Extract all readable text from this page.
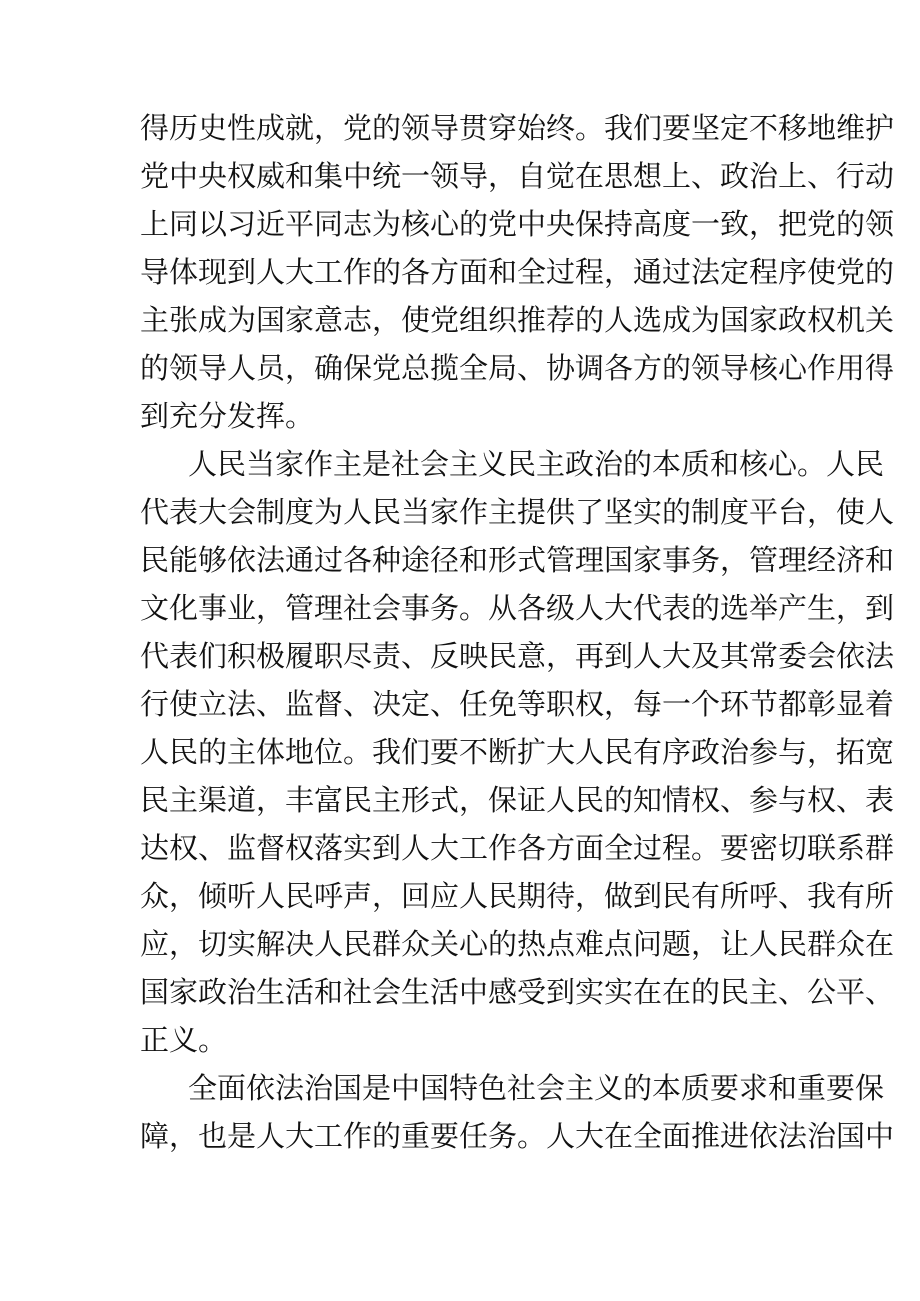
得历史性成就，党的领导贯穿始终。我们要坚定不移地维护
党中央权威和集中统一领导，自觉在思想上、政治上、行动
上同以习近平同志为核心的党中央保持高度一致，把党的领
导体现到人大工作的各方面和全过程，通过法定程序使党的
主张成为国家意志，使党组织推荐的人选成为国家政权机关
的领导人员，确保党总揽全局、协调各方的领导核心作用得
到充分发挥。
人民当家作主是社会主义民主政治的本质和核心。人民
代表大会制度为人民当家作主提供了坚实的制度平台，使人
民能够依法通过各种途径和形式管理国家事务，管理经济和
文化事业，管理社会事务。从各级人大代表的选举产生，到
代表们积极履职尽责、反映民意，再到人大及其常委会依法
行使立法、监督、决定、任免等职权，每一个环节都彰显着
人民的主体地位。我们要不断扩大人民有序政治参与，拓宽
民主渠道，丰富民主形式，保证人民的知情权、参与权、表
达权、监督权落实到人大工作各方面全过程。要密切联系群
众，倾听人民呼声，回应人民期待，做到民有所呼、我有所
应，切实解决人民群众关心的热点难点问题，让人民群众在
国家政治生活和社会生活中感受到实实在在的民主、公平、
正义。
全面依法治国是中国特色社会主义的本质要求和重要保
障，也是人大工作的重要任务。人大在全面推进依法治国中
